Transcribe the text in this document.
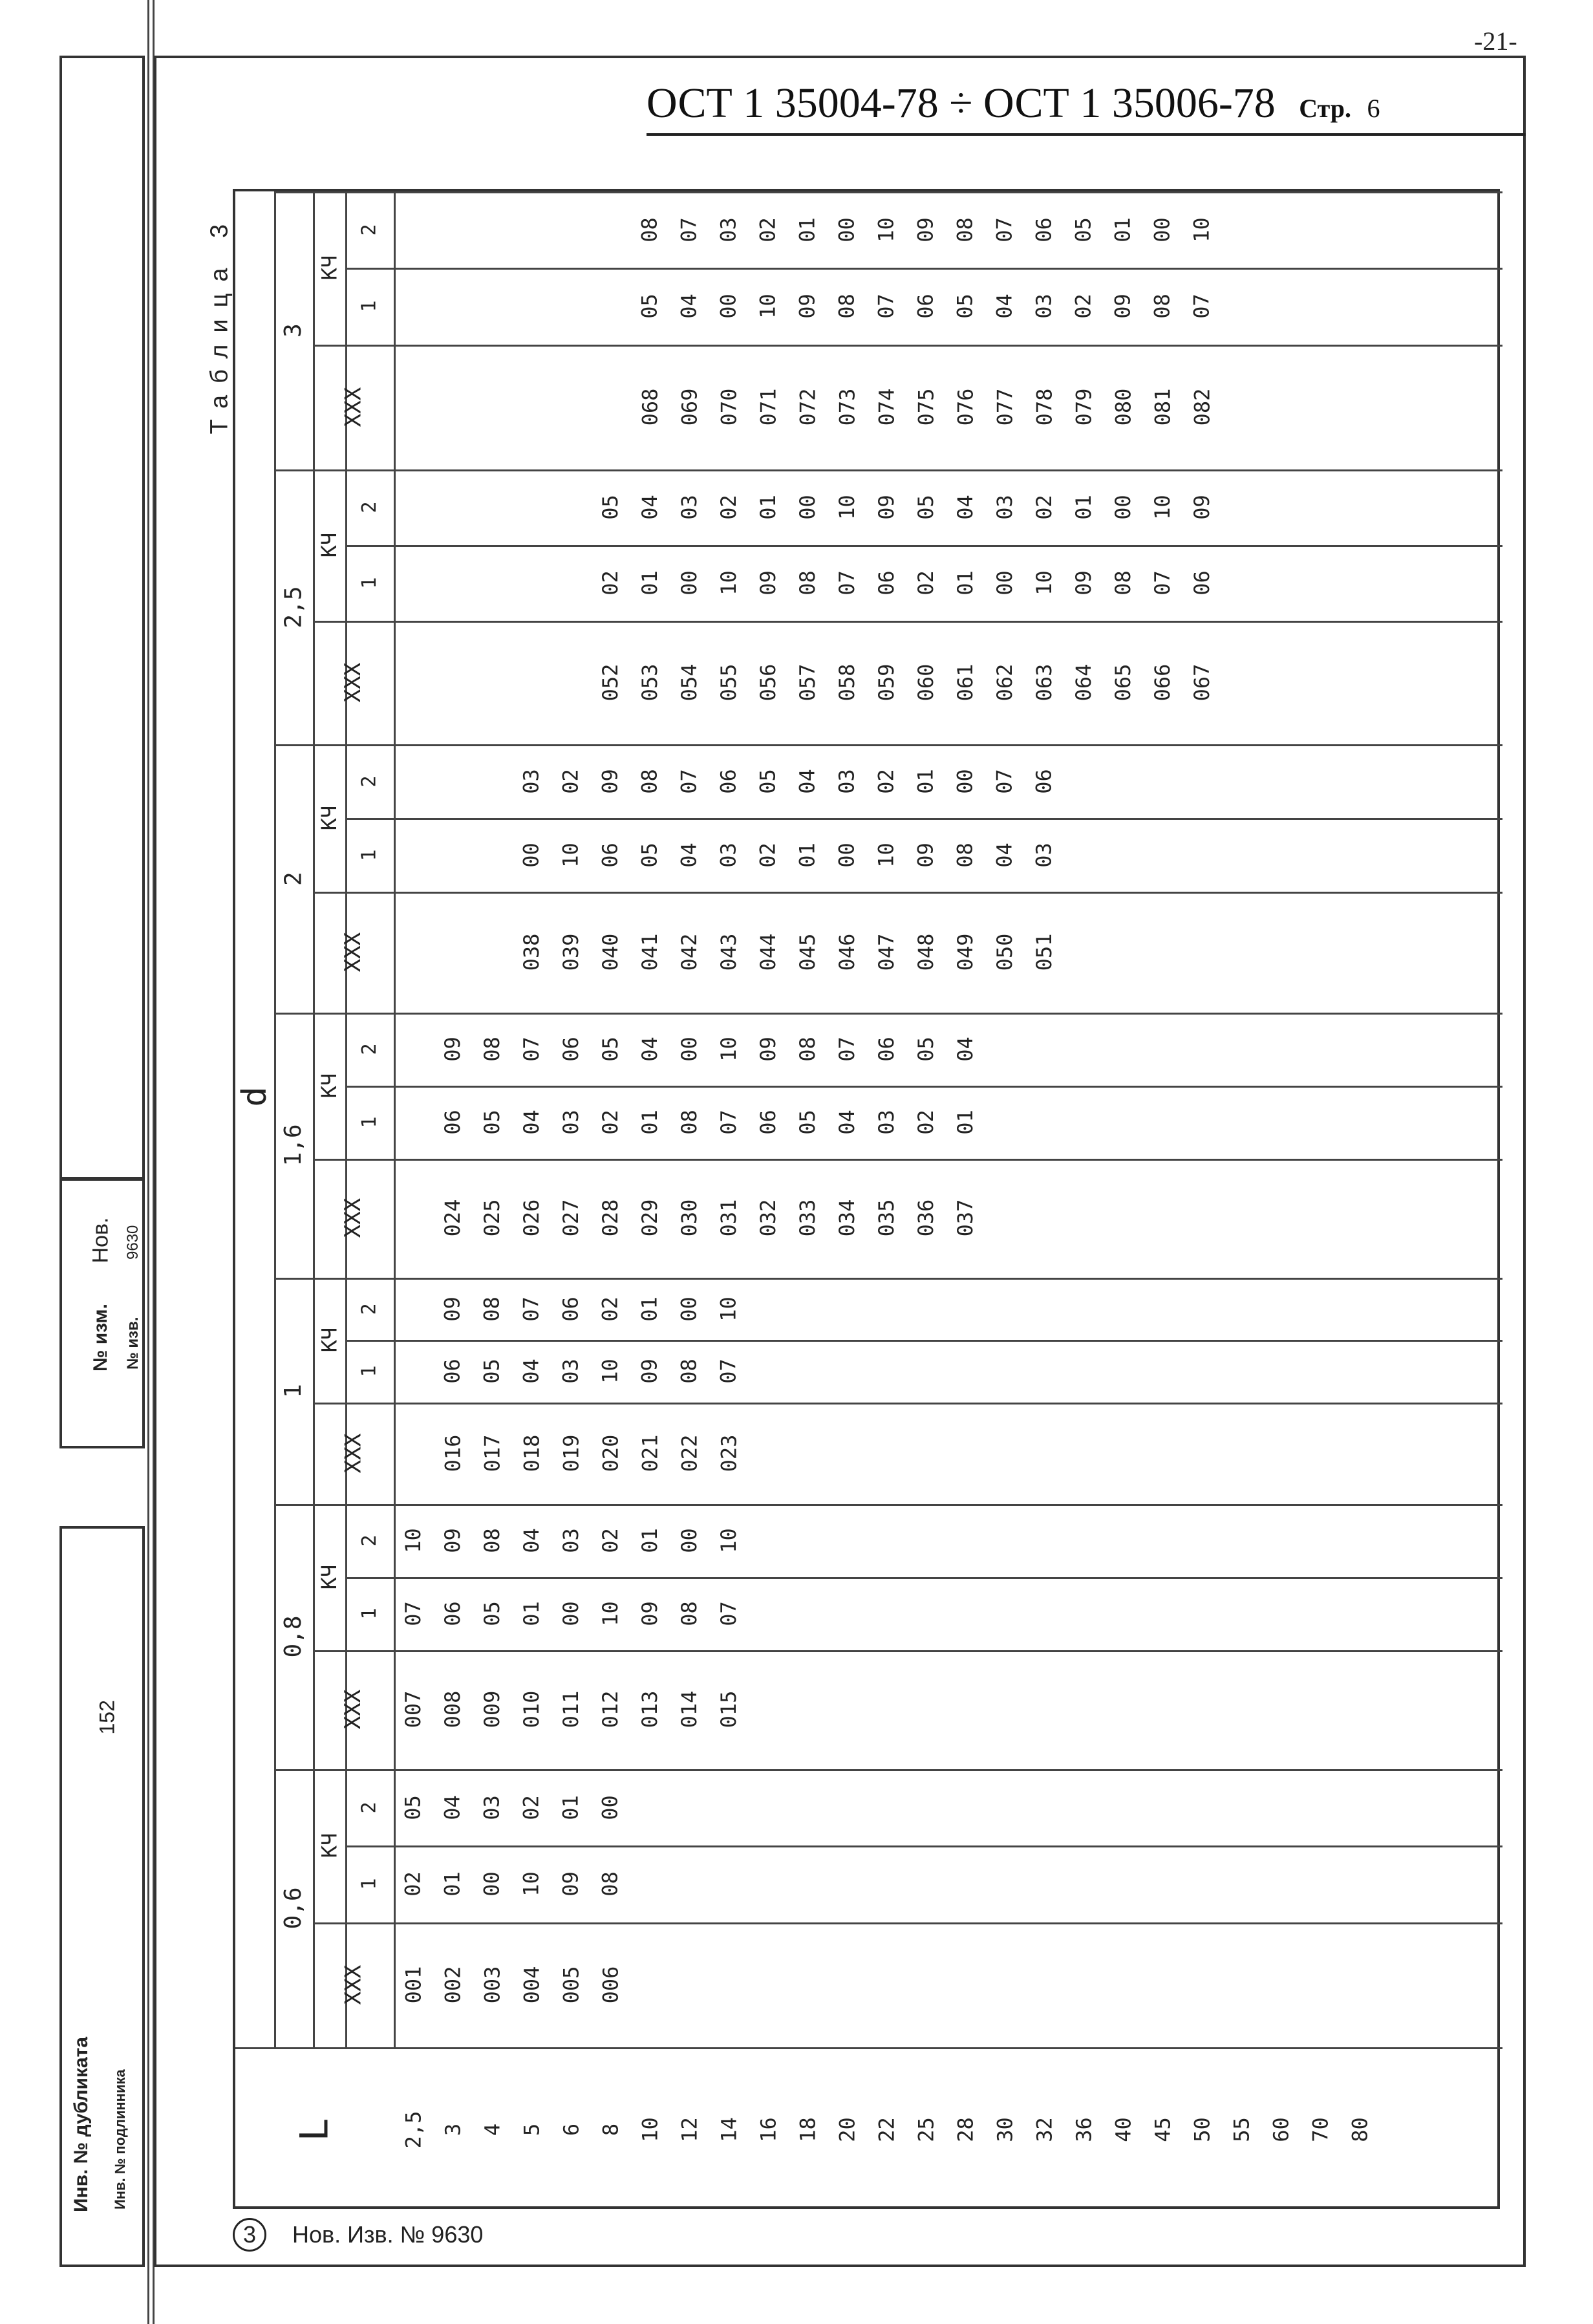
-21-
ОСТ 1 35004-78 ÷ ОСТ 1 35006-78 Стр. 6
Нов.
№ изм. № изв.
9630
Инв. № дубликата Инв. № подлинника
152
Таблица 3
L	2,5 3 4 5 6 8 10 12 14 16 18 20 22 25 28 30 32 36 40 45 50 55 60 70 80
d
0,6
XXX
КЧ
1
2
001
02
05
002
01
04
003
00
03
004
10
02
005
09
01
006
08
00
0,8
XXX
КЧ
1
2
007
07
10
008
06
09
009
05
08
010
01
04
011
00
03
012
10
02
013
09
01
014
08
00
015
07
10
1
XXX
КЧ
1
2
016
06
09
017
05
08
018
04
07
019
03
06
020
10
02
021
09
01
022
08
00
023
07
10
1,6
XXX
КЧ
1
2
024
06
09
025
05
08
026
04
07
027
03
06
028
02
05
029
01
04
030
08
00
031
07
10
032
06
09
033
05
08
034
04
07
035
03
06
036
02
05
037
01
04
2
XXX
КЧ
1
2
038
00
03
039
10
02
040
06
09
041
05
08
042
04
07
043
03
06
044
02
05
045
01
04
046
00
03
047
10
02
048
09
01
049
08
00
050
04
07
051
03
06
2,5
XXX
КЧ
1
2
052
02
05
053
01
04
054
00
03
055
10
02
056
09
01
057
08
00
058
07
10
059
06
09
060
02
05
061
01
04
062
00
03
063
10
02
064
09
01
065
08
00
066
07
10
067
06
09
3
XXX
КЧ
1
2
068
05
08
069
04
07
070
00
03
071
10
02
072
09
01
073
08
00
074
07
10
075
06
09
076
05
08
077
04
07
078
03
06
079
02
05
080
09
01
081
08
00
082
07
10
3 Нов. Изв. № 9630
